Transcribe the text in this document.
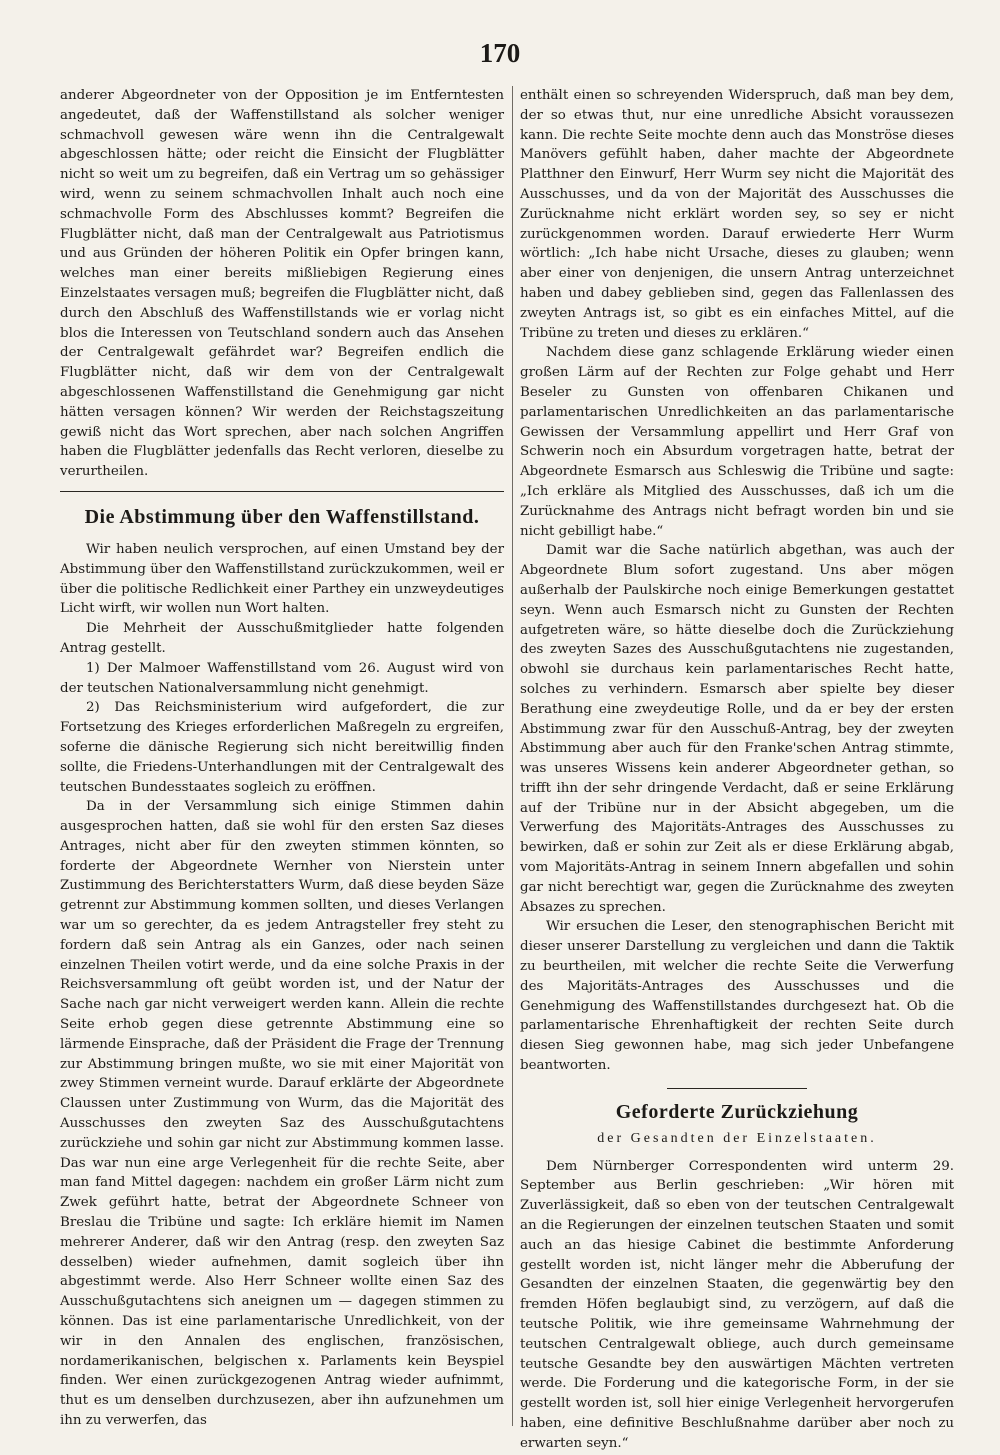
170

anderer Abgeordneter von der Opposition je im Entferntesten angedeutet, daß der Waffenstillstand als solcher weniger schmachvoll gewesen wäre wenn ihn die Centralgewalt abgeschlossen hätte; oder reicht die Einsicht der Flugblätter nicht so weit um zu begreifen, daß ein Vertrag um so gehässiger wird, wenn zu seinem schmachvollen Inhalt auch noch eine schmachvolle Form des Abschlusses kommt? Begreifen die Flugblätter nicht, daß man der Centralgewalt aus Patriotismus und aus Gründen der höheren Politik ein Opfer bringen kann, welches man einer bereits mißliebigen Regierung eines Einzelstaates versagen muß; begreifen die Flugblätter nicht, daß durch den Abschluß des Waffenstillstands wie er vorlag nicht blos die Interessen von Teutschland sondern auch das Ansehen der Centralgewalt gefährdet war? Begreifen endlich die Flugblätter nicht, daß wir dem von der Centralgewalt abgeschlossenen Waffenstillstand die Genehmigung gar nicht hätten versagen können? Wir werden der Reichstagszeitung gewiß nicht das Wort sprechen, aber nach solchen Angriffen haben die Flugblätter jedenfalls das Recht verloren, dieselbe zu verurtheilen.

Die Abstimmung über den Waffenstillstand.

Wir haben neulich versprochen, auf einen Umstand bey der Abstimmung über den Waffenstillstand zurückzukommen, weil er über die politische Redlichkeit einer Parthey ein unzweydeutiges Licht wirft, wir wollen nun Wort halten.

Die Mehrheit der Ausschußmitglieder hatte folgenden Antrag gestellt.

1) Der Malmoer Waffenstillstand vom 26. August wird von der teutschen Nationalversammlung nicht genehmigt.

2) Das Reichsministerium wird aufgefordert, die zur Fortsetzung des Krieges erforderlichen Maßregeln zu ergreifen, soferne die dänische Regierung sich nicht bereitwillig finden sollte, die Friedens-Unterhandlungen mit der Centralgewalt des teutschen Bundesstaates sogleich zu eröffnen.

Da in der Versammlung sich einige Stimmen dahin ausgesprochen hatten, daß sie wohl für den ersten Saz dieses Antrages, nicht aber für den zweyten stimmen könnten, so forderte der Abgeordnete Wernher von Nierstein unter Zustimmung des Berichterstatters Wurm, daß diese beyden Säze getrennt zur Abstimmung kommen sollten, und dieses Verlangen war um so gerechter, da es jedem Antragsteller frey steht zu fordern daß sein Antrag als ein Ganzes, oder nach seinen einzelnen Theilen votirt werde, und da eine solche Praxis in der Reichsversammlung oft geübt worden ist, und der Natur der Sache nach gar nicht verweigert werden kann. Allein die rechte Seite erhob gegen diese getrennte Abstimmung eine so lärmende Einsprache, daß der Präsident die Frage der Trennung zur Abstimmung bringen mußte, wo sie mit einer Majorität von zwey Stimmen verneint wurde. Darauf erklärte der Abgeordnete Claussen unter Zustimmung von Wurm, das die Majorität des Ausschusses den zweyten Saz des Ausschußgutachtens zurückziehe und sohin gar nicht zur Abstimmung kommen lasse. Das war nun eine arge Verlegenheit für die rechte Seite, aber man fand Mittel dagegen: nachdem ein großer Lärm nicht zum Zwek geführt hatte, betrat der Abgeordnete Schneer von Breslau die Tribüne und sagte: Ich erkläre hiemit im Namen mehrerer Anderer, daß wir den Antrag (resp. den zweyten Saz desselben) wieder aufnehmen, damit sogleich über ihn abgestimmt werde. Also Herr Schneer wollte einen Saz des Ausschußgutachtens sich aneignen um — dagegen stimmen zu können. Das ist eine parlamentarische Unredlichkeit, von der wir in den Annalen des englischen, französischen, nordamerikanischen, belgischen x. Parlaments kein Beyspiel finden. Wer einen zurückgezogenen Antrag wieder aufnimmt, thut es um denselben durchzusezen, aber ihn aufzunehmen um ihn zu verwerfen, das

enthält einen so schreyenden Widerspruch, daß man bey dem, der so etwas thut, nur eine unredliche Absicht voraussezen kann. Die rechte Seite mochte denn auch das Monströse dieses Manövers gefühlt haben, daher machte der Abgeordnete Platthner den Einwurf, Herr Wurm sey nicht die Majorität des Ausschusses, und da von der Majorität des Ausschusses die Zurücknahme nicht erklärt worden sey, so sey er nicht zurückgenommen worden. Darauf erwiederte Herr Wurm wörtlich: „Ich habe nicht Ursache, dieses zu glauben; wenn aber einer von denjenigen, die unsern Antrag unterzeichnet haben und dabey geblieben sind, gegen das Fallenlassen des zweyten Antrags ist, so gibt es ein einfaches Mittel, auf die Tribüne zu treten und dieses zu erklären.“

Nachdem diese ganz schlagende Erklärung wieder einen großen Lärm auf der Rechten zur Folge gehabt und Herr Beseler zu Gunsten von offenbaren Chikanen und parlamentarischen Unredlichkeiten an das parlamentarische Gewissen der Versammlung appellirt und Herr Graf von Schwerin noch ein Absurdum vorgetragen hatte, betrat der Abgeordnete Esmarsch aus Schleswig die Tribüne und sagte: „Ich erkläre als Mitglied des Ausschusses, daß ich um die Zurücknahme des Antrags nicht befragt worden bin und sie nicht gebilligt habe.“

Damit war die Sache natürlich abgethan, was auch der Abgeordnete Blum sofort zugestand. Uns aber mögen außerhalb der Paulskirche noch einige Bemerkungen gestattet seyn. Wenn auch Esmarsch nicht zu Gunsten der Rechten aufgetreten wäre, so hätte dieselbe doch die Zurückziehung des zweyten Sazes des Ausschußgutachtens nie zugestanden, obwohl sie durchaus kein parlamentarisches Recht hatte, solches zu verhindern. Esmarsch aber spielte bey dieser Berathung eine zweydeutige Rolle, und da er bey der ersten Abstimmung zwar für den Ausschuß-Antrag, bey der zweyten Abstimmung aber auch für den Franke'schen Antrag stimmte, was unseres Wissens kein anderer Abgeordneter gethan, so trifft ihn der sehr dringende Verdacht, daß er seine Erklärung auf der Tribüne nur in der Absicht abgegeben, um die Verwerfung des Majoritäts-Antrages des Ausschusses zu bewirken, daß er sohin zur Zeit als er diese Erklärung abgab, vom Majoritäts-Antrag in seinem Innern abgefallen und sohin gar nicht berechtigt war, gegen die Zurücknahme des zweyten Absazes zu sprechen.

Wir ersuchen die Leser, den stenographischen Bericht mit dieser unserer Darstellung zu vergleichen und dann die Taktik zu beurtheilen, mit welcher die rechte Seite die Verwerfung des Majoritäts-Antrages des Ausschusses und die Genehmigung des Waffenstillstandes durchgesezt hat. Ob die parlamentarische Ehrenhaftigkeit der rechten Seite durch diesen Sieg gewonnen habe, mag sich jeder Unbefangene beantworten.

Geforderte Zurückziehung

der Gesandten der Einzelstaaten.

Dem Nürnberger Correspondenten wird unterm 29. September aus Berlin geschrieben: „Wir hören mit Zuverlässigkeit, daß so eben von der teutschen Centralgewalt an die Regierungen der einzelnen teutschen Staaten und somit auch an das hiesige Cabinet die bestimmte Anforderung gestellt worden ist, nicht länger mehr die Abberufung der Gesandten der einzelnen Staaten, die gegenwärtig bey den fremden Höfen beglaubigt sind, zu verzögern, auf daß die teutsche Politik, wie ihre gemeinsame Wahrnehmung der teutschen Centralgewalt obliege, auch durch gemeinsame teutsche Gesandte bey den auswärtigen Mächten vertreten werde. Die Forderung und die kategorische Form, in der sie gestellt worden ist, soll hier einige Verlegenheit hervorgerufen haben, eine definitive Beschlußnahme darüber aber noch zu erwarten seyn.“
